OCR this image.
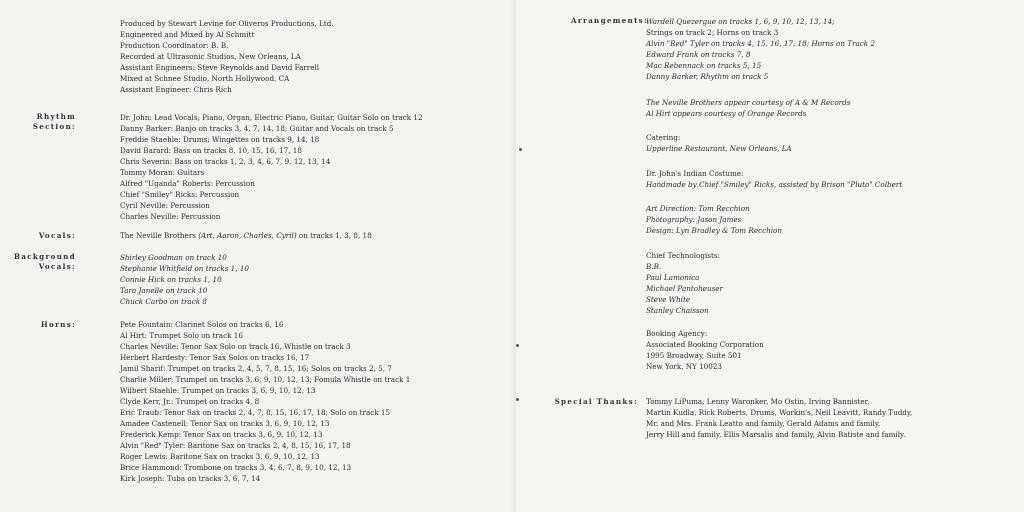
Produced by Stewart Levine for Oliveros Productions, Ltd.
Engineered and Mixed by Al Schmitt
Production Coordinator: B. B.
Recorded at Ultrasonic Studios, New Orleans, LA
Assistant Engineers: Steve Reynolds and David Farrell
Mixed at Schnee Studio, North Hollywood, CA
Assistant Engineer: Chris Rich
Rhythm
Section:
Dr. John: Lead Vocals, Piano, Organ, Electric Piano, Guitar, Guitar Solo on track 12
Danny Barker: Banjo on tracks 3, 4, 7, 14, 18; Guitar and Vocals on track 5
Freddie Staehle: Drums; Wingettes on tracks 9, 14, 18
David Barard: Bass on tracks 8, 10, 15, 16, 17, 18
Chris Severin: Bass on tracks 1, 2, 3, 4, 6, 7, 9, 12, 13, 14
Tommy Moran: Guitars
Alfred "Uganda" Roberts: Percussion
Chief "Smiley" Ricks: Percussion
Cyril Neville: Percussion
Charles Neville: Percussion
Vocals:	The Neville Brothers (Art, Aaron, Charles, Cyril) on tracks 1, 3, 8, 18
Background
Vocals:
Shirley Goodman on track 10
Stephanie Whitfield on tracks 1, 10
Connie Hick on tracks 1, 10
Tara Janelle on track 10
Chuck Carbo on track 8
Horns:	Pete Fountain: Clarinet Solos on tracks 6, 16
Al Hirt: Trumpet Solo on track 16
Charles Neville: Tenor Sax Solo on track 16, Whistle on track 3
Herbert Hardesty: Tenor Sax Solos on tracks 16, 17
Jamil Sharif: Trumpet on tracks 2, 4, 5, 7, 8, 15, 16; Solos on tracks 2, 5, 7
Charlie Miller: Trumpet on tracks 3, 6, 9, 10, 12, 13; Fomula Whistle on track 1
Wilbert Staehle: Trumpet on tracks 3, 6, 9, 10, 12, 13
Clyde Kerr, Jr.: Trumpet on tracks 4, 8
Eric Traub: Tenor Sax on tracks 2, 4, 7, 8, 15, 16, 17, 18; Solo on track 15
Amadee Castenell: Tenor Sax on tracks 3, 6, 9, 10, 12, 13
Frederick Kemp: Tenor Sax on tracks 3, 6, 9, 10, 12, 13
Alvin "Red" Tyler: Baritone Sax on tracks 2, 4, 8, 15, 16, 17, 18
Roger Lewis: Baritone Sax on tracks 3, 6, 9, 10, 12, 13
Brice Hammond: Trombone on tracks 3, 4, 6, 7, 8, 9, 10, 12, 13
Kirk Joseph: Tuba on tracks 3, 6, 7, 14
Arrangements:
Wardell Quezergue on tracks 1, 6, 9, 10, 12, 13, 14;
Strings on track 2; Horns on track 3
Alvin "Red" Tyler on tracks 4, 15, 16, 17, 18; Horns on Track 2
Edward Frank on tracks 7, 8
Mac Rebennack on tracks 5, 15
Danny Barker, Rhythm on track 5
The Neville Brothers appear courtesy of A & M Records
Al Hirt appears courtesy of Orange Records
Catering:
Upperline Restaurant, New Orleans, LA
Dr. John's Indian Costume:
Handmade by Chief "Smiley" Ricks, assisted by Brison "Pluto" Colbert
Art Direction: Tom Recchion
Photography: Jason James
Design: Lyn Bradley & Tom Recchion
Chief Technologists:
B.B.
Paul Lamonica
Michael Pantoheuser
Steve White
Stanley Chaisson
Booking Agency:
Associated Booking Corporation
1995 Broadway, Suite 501
New York, NY 10023
Special Thanks: Tommy LiPuma, Lenny Waronker, Mo Ostin, Irving Bannister,
Martin Kudla, Rick Roberts, Drums, Workin's, Neil Leavitt, Randy Tuddy,
Mr. and Mrs. Frank Leatto and family, Gerald Adams and family,
Jerry Hill and family, Ellis Marsalis and family, Alvin Batiste and family.
